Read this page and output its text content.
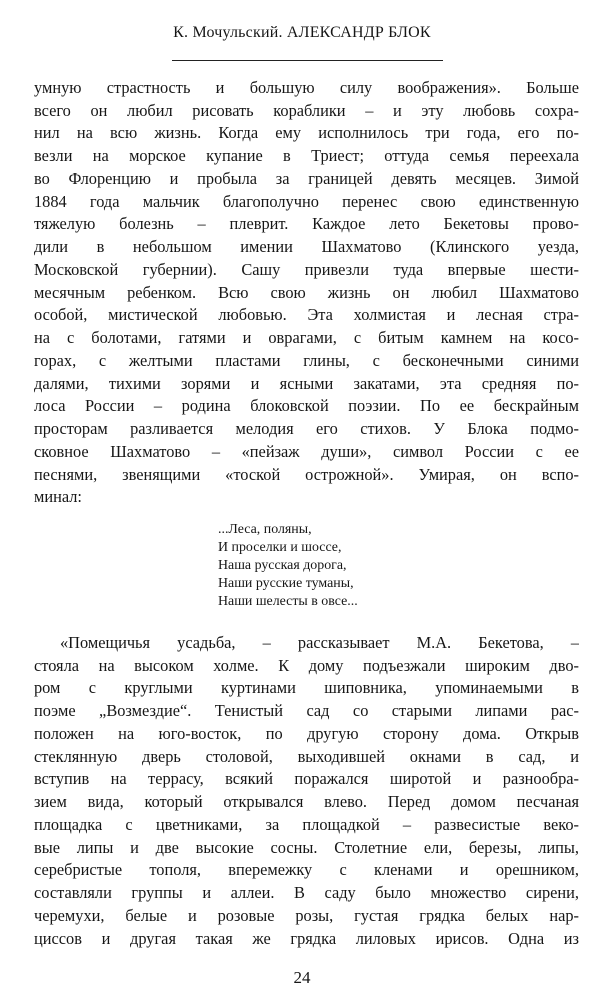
К. Мочульский. АЛЕКСАНДР БЛОК
умную страстность и большую силу воображения». Больше
всего он любил рисовать кораблики – и эту любовь сохра-
нил на всю жизнь. Когда ему исполнилось три года, его по-
везли на морское купание в Триест; оттуда семья переехала
во Флоренцию и пробыла за границей девять месяцев. Зимой
1884 года мальчик благополучно перенес свою единственную
тяжелую болезнь – плеврит. Каждое лето Бекетовы прово-
дили в небольшом имении Шахматово (Клинского уезда,
Московской губернии). Сашу привезли туда впервые шести-
месячным ребенком. Всю свою жизнь он любил Шахматово
особой, мистической любовью. Эта холмистая и лесная стра-
на с болотами, гатями и оврагами, с битым камнем на косо-
горах, с желтыми пластами глины, с бесконечными синими
далями, тихими зорями и ясными закатами, эта средняя по-
лоса России – родина блоковской поэзии. По ее бескрайным
просторам разливается мелодия его стихов. У Блока подмо-
сковное Шахматово – «пейзаж души», символ России с ее
песнями, звенящими «тоской острожной». Умирая, он вспо-
минал:
...Леса, поляны,
И проселки и шоссе,
Наша русская дорога,
Наши русские туманы,
Наши шелесты в овсе...
«Помещичья усадьба, – рассказывает М.А. Бекетова, –
стояла на высоком холме. К дому подъезжали широким дво-
ром с круглыми куртинами шиповника, упоминаемыми в
поэме „Возмездие“. Тенистый сад со старыми липами рас-
положен на юго-восток, по другую сторону дома. Открыв
стеклянную дверь столовой, выходившей окнами в сад, и
вступив на террасу, всякий поражался широтой и разнообра-
зием вида, который открывался влево. Перед домом песчаная
площадка с цветниками, за площадкой – развесистые веко-
вые липы и две высокие сосны. Столетние ели, березы, липы,
серебристые тополя, вперемежку с кленами и орешником,
составляли группы и аллеи. В саду было множество сирени,
черемухи, белые и розовые розы, густая грядка белых нар-
циссов и другая такая же грядка лиловых ирисов. Одна из
24
